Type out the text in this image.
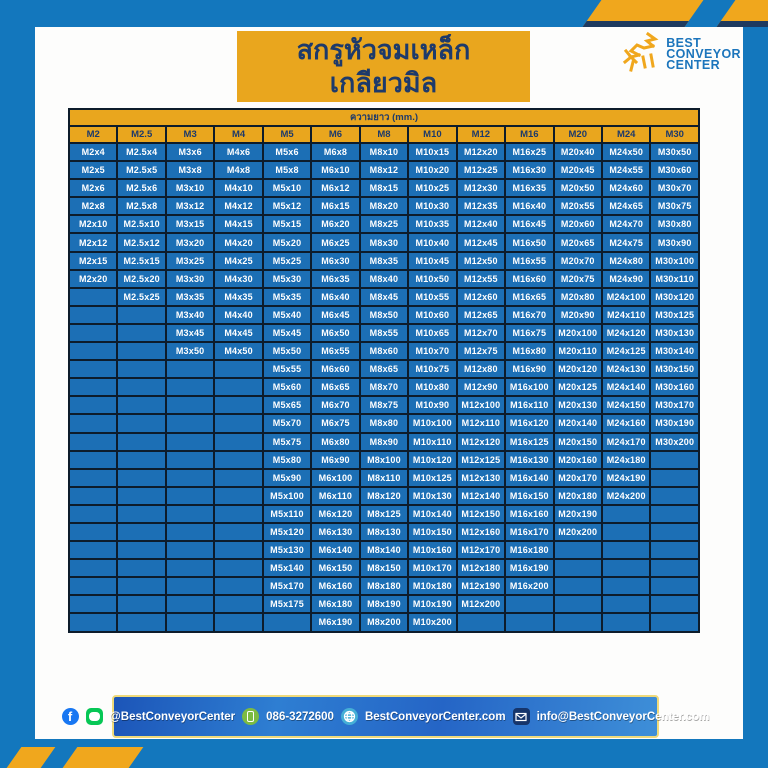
สกรูหัวจมเหล็ก
เกลียวมิล
BEST
CONVEYOR
CENTER
ความยาว (mm.)												
M2	M2.5	M3	M4	M5	M6	M8	M10	M12	M16	M20	M24	M30
M2x4	M2.5x4	M3x6	M4x6	M5x6	M6x8	M8x10	M10x15	M12x20	M16x25	M20x40	M24x50	M30x50
M2x5	M2.5x5	M3x8	M4x8	M5x8	M6x10	M8x12	M10x20	M12x25	M16x30	M20x45	M24x55	M30x60
M2x6	M2.5x6	M3x10	M4x10	M5x10	M6x12	M8x15	M10x25	M12x30	M16x35	M20x50	M24x60	M30x70
M2x8	M2.5x8	M3x12	M4x12	M5x12	M6x15	M8x20	M10x30	M12x35	M16x40	M20x55	M24x65	M30x75
M2x10	M2.5x10	M3x15	M4x15	M5x15	M6x20	M8x25	M10x35	M12x40	M16x45	M20x60	M24x70	M30x80
M2x12	M2.5x12	M3x20	M4x20	M5x20	M6x25	M8x30	M10x40	M12x45	M16x50	M20x65	M24x75	M30x90
M2x15	M2.5x15	M3x25	M4x25	M5x25	M6x30	M8x35	M10x45	M12x50	M16x55	M20x70	M24x80	M30x100
M2x20	M2.5x20	M3x30	M4x30	M5x30	M6x35	M8x40	M10x50	M12x55	M16x60	M20x75	M24x90	M30x110
	M2.5x25	M3x35	M4x35	M5x35	M6x40	M8x45	M10x55	M12x60	M16x65	M20x80	M24x100	M30x120
		M3x40	M4x40	M5x40	M6x45	M8x50	M10x60	M12x65	M16x70	M20x90	M24x110	M30x125
		M3x45	M4x45	M5x45	M6x50	M8x55	M10x65	M12x70	M16x75	M20x100	M24x120	M30x130
		M3x50	M4x50	M5x50	M6x55	M8x60	M10x70	M12x75	M16x80	M20x110	M24x125	M30x140
				M5x55	M6x60	M8x65	M10x75	M12x80	M16x90	M20x120	M24x130	M30x150
				M5x60	M6x65	M8x70	M10x80	M12x90	M16x100	M20x125	M24x140	M30x160
				M5x65	M6x70	M8x75	M10x90	M12x100	M16x110	M20x130	M24x150	M30x170
				M5x70	M6x75	M8x80	M10x100	M12x110	M16x120	M20x140	M24x160	M30x190
				M5x75	M6x80	M8x90	M10x110	M12x120	M16x125	M20x150	M24x170	M30x200
				M5x80	M6x90	M8x100	M10x120	M12x125	M16x130	M20x160	M24x180	
				M5x90	M6x100	M8x110	M10x125	M12x130	M16x140	M20x170	M24x190	
				M5x100	M6x110	M8x120	M10x130	M12x140	M16x150	M20x180	M24x200	
				M5x110	M6x120	M8x125	M10x140	M12x150	M16x160	M20x190		
				M5x120	M6x130	M8x130	M10x150	M12x160	M16x170	M20x200		
				M5x130	M6x140	M8x140	M10x160	M12x170	M16x180			
				M5x140	M6x150	M8x150	M10x170	M12x180	M16x190			
				M5x170	M6x160	M8x180	M10x180	M12x190	M16x200			
				M5x175	M6x180	M8x190	M10x190	M12x200				
					M6x190	M8x200	M10x200					
f	@BestConveyorCenter	086-3272600	BestConveyorCenter.com	info@BestConveyorCenter.com
